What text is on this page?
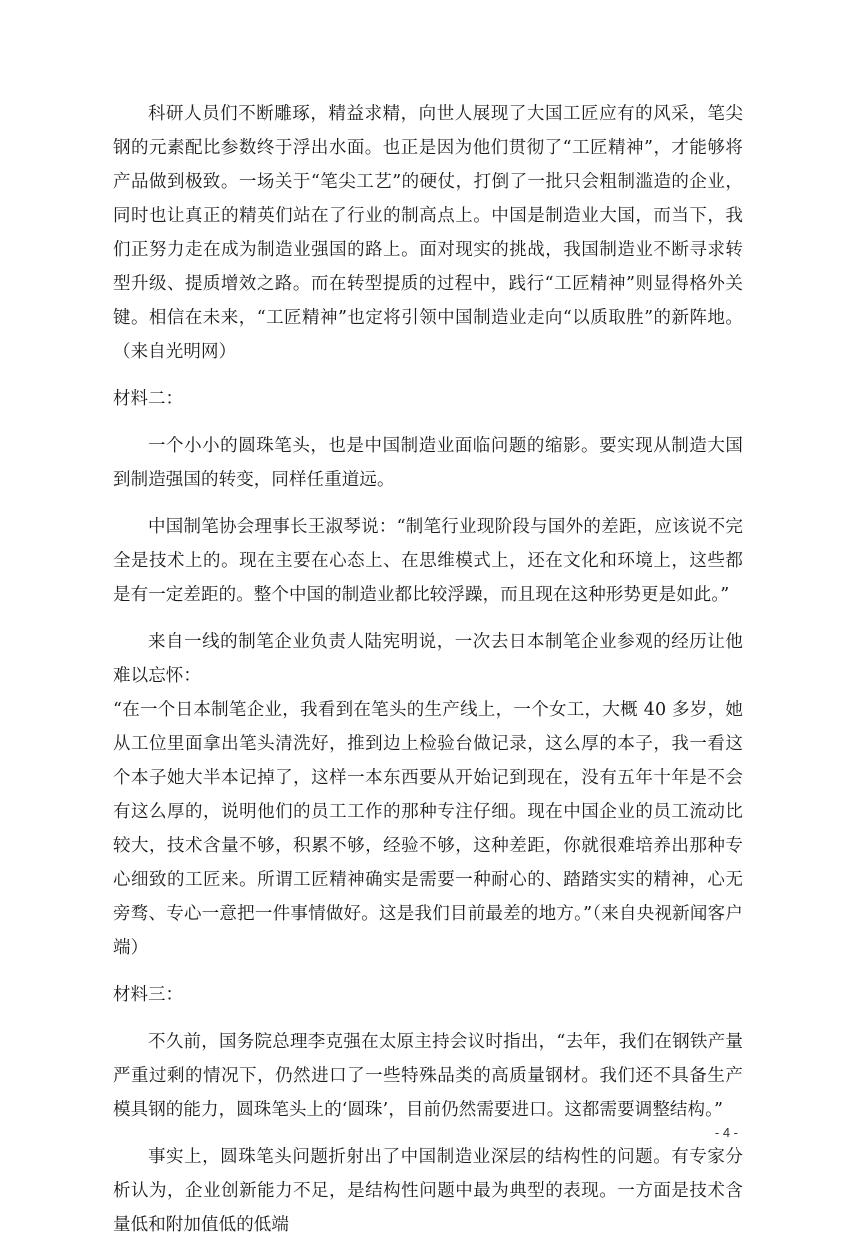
科研人员们不断雕琢，精益求精，向世人展现了大国工匠应有的风采，笔尖钢的元素配比参数终于浮出水面。也正是因为他们贯彻了“工匠精神”，才能够将产品做到极致。一场关于“笔尖工艺”的硬仗，打倒了一批只会粗制滥造的企业，同时也让真正的精英们站在了行业的制高点上。中国是制造业大国，而当下，我们正努力走在成为制造业强国的路上。面对现实的挑战，我国制造业不断寻求转型升级、提质增效之路。而在转型提质的过程中，践行“工匠精神”则显得格外关键。相信在未来，“工匠精神”也定将引领中国制造业走向“以质取胜”的新阵地。（来自光明网）

材料二：

一个小小的圆珠笔头，也是中国制造业面临问题的缩影。要实现从制造大国到制造强国的转变，同样任重道远。

中国制笔协会理事长王淑琴说：“制笔行业现阶段与国外的差距，应该说不完全是技术上的。现在主要在心态上、在思维模式上，还在文化和环境上，这些都是有一定差距的。整个中国的制造业都比较浮躁，而且现在这种形势更是如此。”

来自一线的制笔企业负责人陆宪明说，一次去日本制笔企业参观的经历让他难以忘怀：

“在一个日本制笔企业，我看到在笔头的生产线上，一个女工，大概 40 多岁，她从工位里面拿出笔头清洗好，推到边上检验台做记录，这么厚的本子，我一看这个本子她大半本记掉了，这样一本东西要从开始记到现在，没有五年十年是不会有这么厚的，说明他们的员工工作的那种专注仔细。现在中国企业的员工流动比较大，技术含量不够，积累不够，经验不够，这种差距，你就很难培养出那种专心细致的工匠来。所谓工匠精神确实是需要一种耐心的、踏踏实实的精神，心无旁骛、专心一意把一件事情做好。这是我们目前最差的地方。”（来自央视新闻客户端）

材料三：

不久前，国务院总理李克强在太原主持会议时指出，“去年，我们在钢铁产量严重过剩的情况下，仍然进口了一些特殊品类的高质量钢材。我们还不具备生产模具钢的能力，圆珠笔头上的‘圆珠’，目前仍然需要进口。这都需要调整结构。”

事实上，圆珠笔头问题折射出了中国制造业深层的结构性的问题。有专家分析认为，企业创新能力不足，是结构性问题中最为典型的表现。一方面是技术含量低和附加值低的低端

- 4 -
